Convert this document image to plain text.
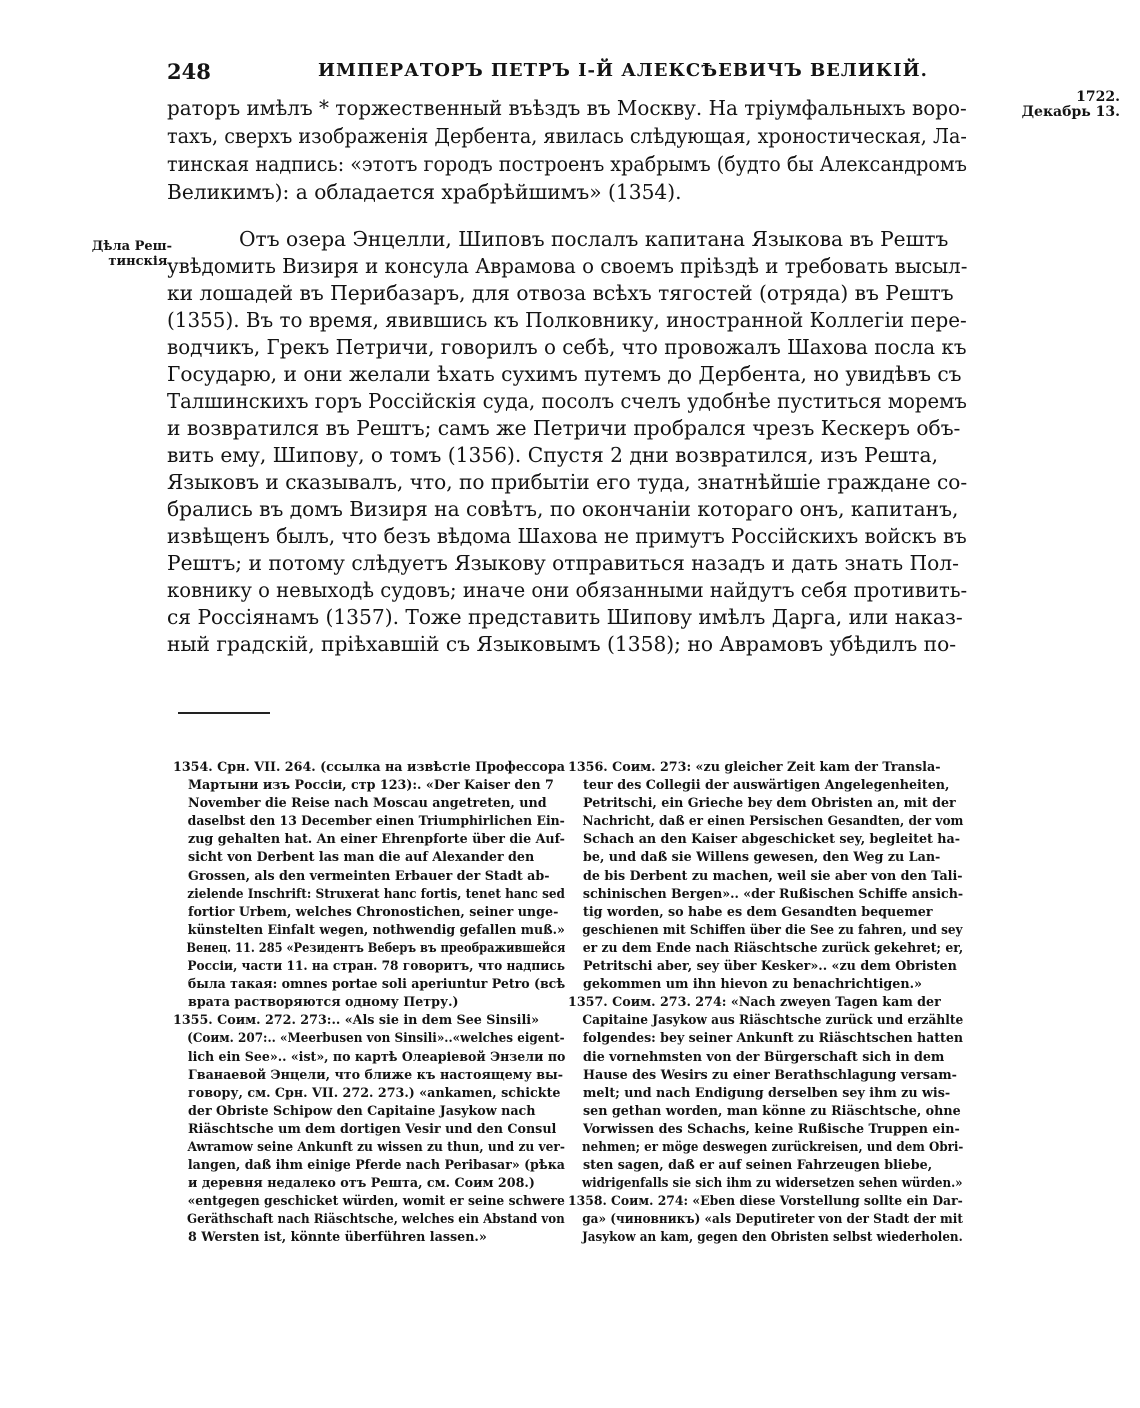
248	ИМПЕРАТОРЪ ПЕТРЪ I-Й АЛЕКСѢЕВИЧЪ ВЕЛИКІЙ.
1722.
Декабрь 13.
Дѣла Реш-
тинскія.
раторъ имѣлъ * торжественный въѣздъ въ Москву. На тріумфальныхъ воро-
тахъ, сверхъ изображенія Дербента, явилась слѣдующая, хроностическая, Ла-
тинская надпись: «этотъ городъ построенъ храбрымъ (будто бы Александромъ
Великимъ): а обладается храбрѣйшимъ» (1354).
Отъ озера Энцелли, Шиповъ послалъ капитана Языкова въ Рештъ
увѣдомить Визиря и консула Аврамова о своемъ пріѣздѣ и требовать высыл-
ки лошадей въ Перибазаръ, для отвоза всѣхъ тягостей (отряда) въ Рештъ
(1355). Въ то время, явившись къ Полковнику, иностранной Коллегіи пере-
водчикъ, Грекъ Петричи, говорилъ о себѣ, что провожалъ Шахова посла къ
Государю, и они желали ѣхать сухимъ путемъ до Дербента, но увидѣвъ съ
Талшинскихъ горъ Россійскія суда, посолъ счелъ удобнѣе пуститься моремъ
и возвратился въ Рештъ; самъ же Петричи пробрался чрезъ Кескеръ объ-
вить ему, Шипову, о томъ (1356). Спустя 2 дни возвратился, изъ Решта,
Языковъ и сказывалъ, что, по прибытіи его туда, знатнѣйшіе граждане со-
брались въ домъ Визиря на совѣтъ, по окончаніи котораго онъ, капитанъ,
извѣщенъ былъ, что безъ вѣдома Шахова не примутъ Россійскихъ войскъ въ
Рештъ; и потому слѣдуетъ Языкову отправиться назадъ и дать знать Пол-
ковнику о невыходѣ судовъ; иначе они обязанными найдутъ себя противить-
ся Россіянамъ (1357). Тоже представить Шипову имѣлъ Дарга, или наказ-
ный градскій, пріѣхавшій съ Языковымъ (1358); но Аврамовъ убѣдилъ по-
1354. Срн. VII. 264. (ссылка на извѣстіе Профессора
Мартыни изъ Россіи, стр 123):. «Der Kaiser den 7
November die Reise nach Moscau angetreten, und
daselbst den 13 December einen Triumphirlichen Ein-
zug gehalten hat. An einer Ehrenpforte über die Auf-
sicht von Derbent las man die auf Alexander den
Grossen, als den vermeinten Erbauer der Stadt ab-
zielende Inschrift: Struxerat hanc fortis, tenet hanc sed
fortior Urbem, welches Chronostichen, seiner unge-
künstelten Einfalt wegen, nothwendig gefallen muß.»
Венец. 11. 285 «Резидентъ Веберъ въ преображившейся
Россіи, части 11. на стран. 78 говоритъ, что надпись
была такая: omnes portae soli aperiuntur Petro (всѣ
врата растворяются одному Петру.)
1355. Соим. 272. 273:.. «Als sie in dem See Sinsili»
(Соим. 207:.. «Meerbusen von Sinsili»..«welches eigent-
lich ein See».. «ist», по картѣ Олеаріевой Энзели по
Гванаевой Энцели, что ближе къ настоящему вы-
говору, см. Срн. VII. 272. 273.) «ankamen, schickte
der Obriste Schipow den Capitaine Jasykow nach
Riäschtsche um dem dortigen Vesir und den Consul
Awramow seine Ankunft zu wissen zu thun, und zu ver-
langen, daß ihm einige Pferde nach Peribasar» (рѣка
и деревня недалеко отъ Решта, см. Соим 208.)
«entgegen geschicket würden, womit er seine schwere
Geräthschaft nach Riäschtsche, welches ein Abstand von
8 Wersten ist, könnte überführen lassen.»
1356. Соим. 273: «zu gleicher Zeit kam der Transla-
teur des Collegii der auswärtigen Angelegenheiten,
Petritschi, ein Grieche bey dem Obristen an, mit der
Nachricht, daß er einen Persischen Gesandten, der vom
Schach an den Kaiser abgeschicket sey, begleitet ha-
be, und daß sie Willens gewesen, den Weg zu Lan-
de bis Derbent zu machen, weil sie aber von den Tali-
schinischen Bergen».. «der Rußischen Schiffe ansich-
tig worden, so habe es dem Gesandten bequemer
geschienen mit Schiffen über die See zu fahren, und sey
er zu dem Ende nach Riäschtsche zurück gekehret; er,
Petritschi aber, sey über Kesker».. «zu dem Obristen
gekommen um ihn hievon zu benachrichtigen.»
1357. Соим. 273. 274: «Nach zweyen Tagen kam der
Capitaine Jasykow aus Riäschtsche zurück und erzählte
folgendes: bey seiner Ankunft zu Riäschtschen hatten
die vornehmsten von der Bürgerschaft sich in dem
Hause des Wesirs zu einer Berathschlagung versam-
melt; und nach Endigung derselben sey ihm zu wis-
sen gethan worden, man könne zu Riäschtsche, ohne
Vorwissen des Schachs, keine Rußische Truppen ein-
nehmen; er möge deswegen zurückreisen, und dem Obri-
sten sagen, daß er auf seinen Fahrzeugen bliebe,
widrigenfalls sie sich ihm zu widersetzen sehen würden.»
1358. Соим. 274: «Eben diese Vorstellung sollte ein Dar-
ga» (чиновникъ) «als Deputireter von der Stadt der mit
Jasykow an kam, gegen den Obristen selbst wiederholen.
